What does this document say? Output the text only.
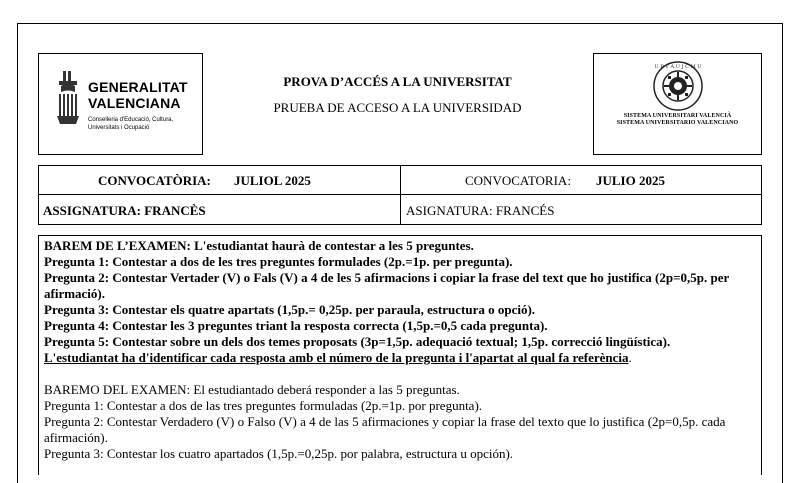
GENERALITAT
VALENCIANA
Conselleria d'Educació, Cultura,
Universitats i Ocupació
PROVA D’ACCÉS A LA UNIVERSITAT
PRUEBA DE ACCESO A LA UNIVERSIDAD
U P V A U J C M U
SISTEMA UNIVERSITARI VALENCIÀ
SISTEMA UNIVERSITARIO VALENCIANO
CONVOCATÒRIA: JULIOL 2025	CONVOCATORIA: JULIO 2025
ASSIGNATURA: FRANCÈS	ASIGNATURA: FRANCÉS

BAREM DE L’EXAMEN: L'estudiantat haurà de contestar a les 5 preguntes.

Pregunta 1: Contestar a dos de les tres preguntes formulades (2p.=1p. per pregunta).

Pregunta 2: Contestar Vertader (V) o Fals (V) a 4 de les 5 afirmacions i copiar la frase del text que ho justifica (2p=0,5p. per afirmació).

Pregunta 3: Contestar els quatre apartats (1,5p.= 0,25p. per paraula, estructura o opció).

Pregunta 4: Contestar les 3 preguntes triant la resposta correcta (1,5p.=0,5 cada pregunta).

Pregunta 5: Contestar sobre un dels dos temes proposats (3p=1,5p. adequació textual; 1,5p. correcció lingüística).

L'estudiantat ha d'identificar cada resposta amb el número de la pregunta i l'apartat al qual fa referència.

BAREMO DEL EXAMEN: El estudiantado deberá responder a las 5 preguntas.

Pregunta 1: Contestar a dos de las tres preguntes formuladas (2p.=1p. por pregunta).

Pregunta 2: Contestar Verdadero (V) o Falso (V) a 4 de las 5 afirmaciones y copiar la frase del texto que lo justifica (2p=0,5p. cada afirmación).

Pregunta 3: Contestar los cuatro apartados (1,5p.=0,25p. por palabra, estructura u opción).
